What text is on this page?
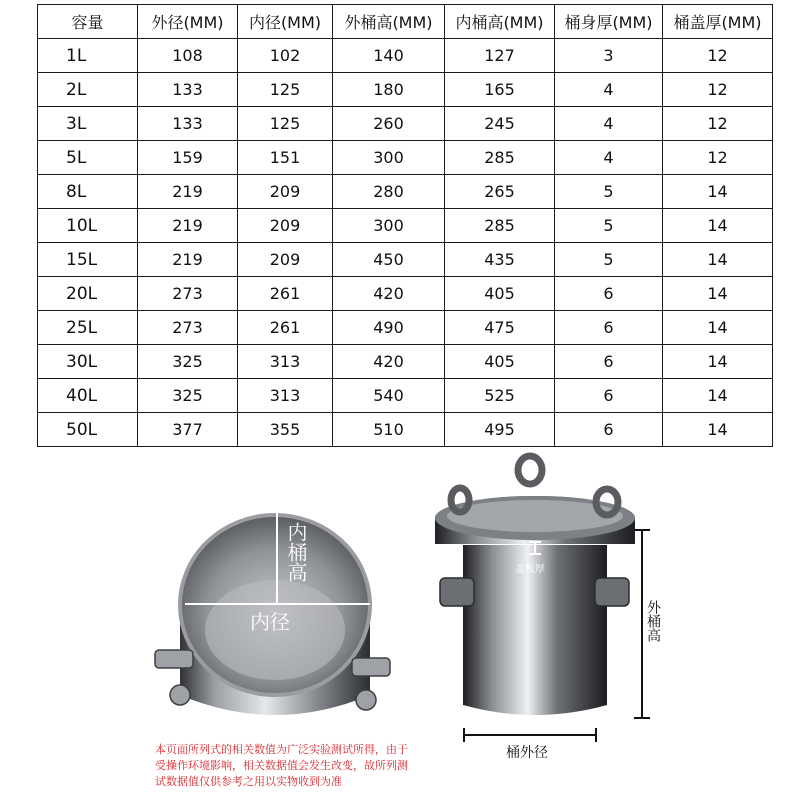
容量	外径(MM)	内径(MM)	外桶高(MM)	内桶高(MM)	桶身厚(MM)	桶盖厚(MM)
1L	108	102	140	127	3	12
2L	133	125	180	165	4	12
3L	133	125	260	245	4	12
5L	159	151	300	285	4	12
8L	219	209	280	265	5	14
10L	219	209	300	285	5	14
15L	219	209	450	435	5	14
20L	273	261	420	405	6	14
25L	273	261	490	475	6	14
30L	325	313	420	405	6	14
40L	325	313	540	525	6	14
50L	377	355	510	495	6	14
内桶高
内径
盖板厚
外桶高
桶外径
本页面所列式的相关数值为广泛实验测试所得，由于
受操作环境影响，相关数据值会发生改变，故所列测
试数据值仅供参考之用以实物收到为准
